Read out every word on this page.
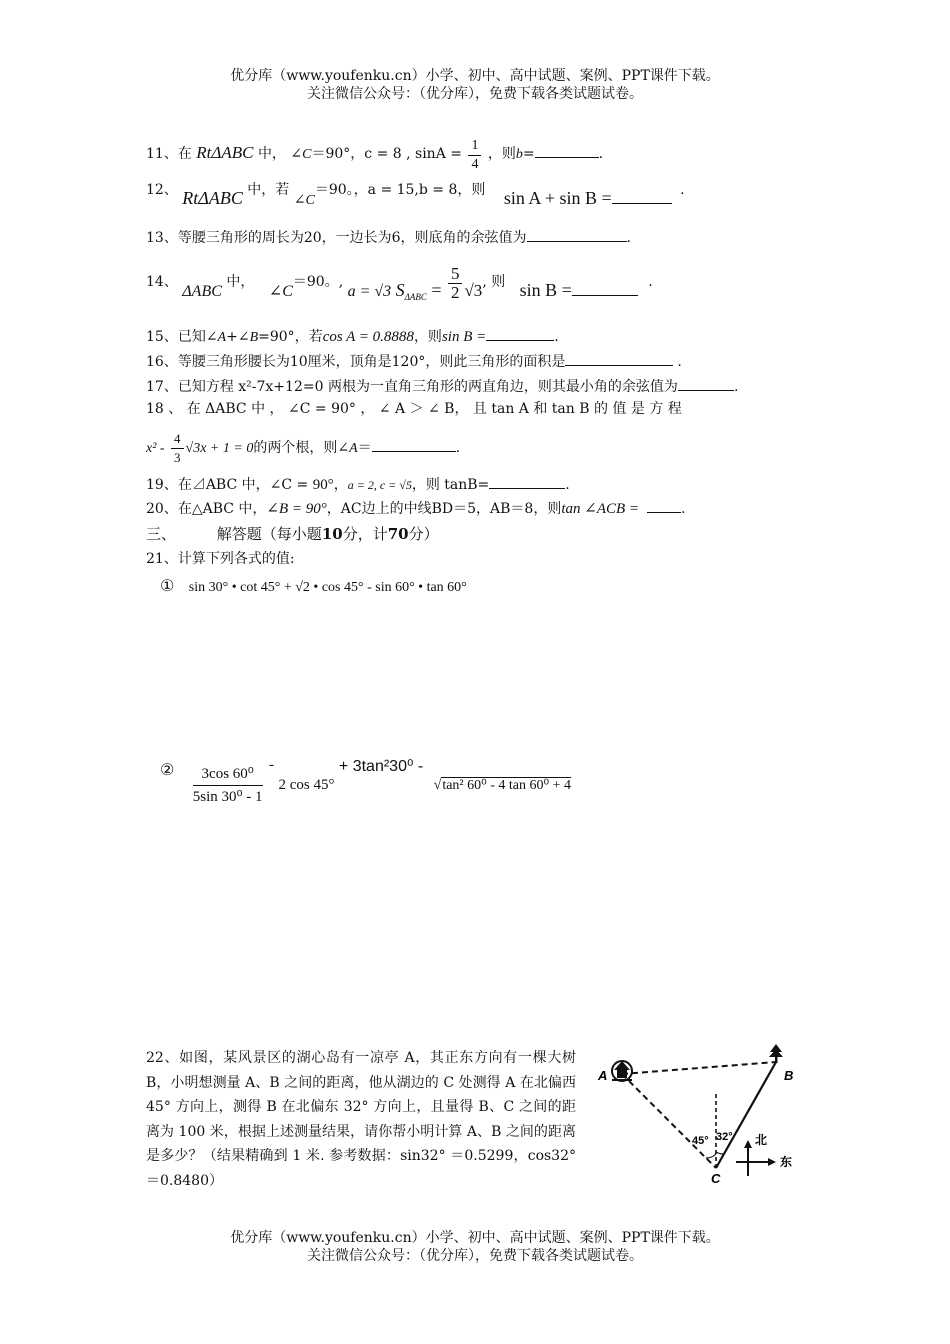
优分库（www.youfenku.cn）小学、初中、高中试题、案例、PPT课件下载。
关注微信公众号：（优分库），免费下载各类试题试卷。
11、在 RtΔABC 中， ∠C＝90°，c = 8 , $\sin A = \frac{1}{4}$ ，则b=	.
12、 RtΔABC 中，若 ∠C＝90。，a = 15,b = 8，则 sin A + sin B =	.
13、等腰三角形的周长为20，一边长为6，则底角的余弦值为	.
14、 ΔABC 中， ∠C＝90。, a = √3 $S_{\Delta ABC} = \frac{5}{2} √3$, 则 sin B =	.
15、已知∠A+∠B=90°，若cos A = 0.8888，则sin B =	.
16、等腰三角形腰长为10厘米，顶角是120°，则此三角形的面积是	.
17、已知方程 x²-7x+12=0 两根为一直角三角形的两直角边，则其最小角的余弦值为	.
18 、 在 ΔABC 中 ， ∠C = 90° ， ∠ A ＞ ∠ B， 且 tan A 和 tan B 的 值 是 方 程
$x^2 - \frac{4}{3} √3x + 1 = 0$的两个根，则∠A＝	.
19、在⊿ABC 中，∠C = 90°，a = 2, c = √5，则 tanB=	.
20、在△ABC 中，∠B = 90°，AC边上的中线BD＝5，AB＝8，则tan ∠ACB =	.
三、	解答题（每小题10分，计70分）
21、计算下列各式的值:
① sin 30° • cot 45° + √2 • cos 45° - sin 60° • tan 60°
② $\frac{\text{3cos 60⁰}}{\text{5sin 30⁰ - 1}} - 2$ cos 45° + 3tan²30⁰ - √tan² 60⁰ - 4 tan 60⁰ + 4
22、如图，某风景区的湖心岛有一凉亭 A，其正东方向有一棵大树 B，小明想测量 A、B 之间的距离，他从湖边的 C 处测得 A 在北偏西 45° 方向上，测得 B 在北偏东 32° 方向上，且量得 B、C 之间的距离为 100 米，根据上述测量结果，请你帮小明计算 A、B 之间的距离是多少？（结果精确到 1 米. 参考数据：sin32° ＝0.5299，cos32° ＝0.8480）
A	B
C
45° 32° 北
东
优分库（www.youfenku.cn）小学、初中、高中试题、案例、PPT课件下载。
关注微信公众号：（优分库），免费下载各类试题试卷。
